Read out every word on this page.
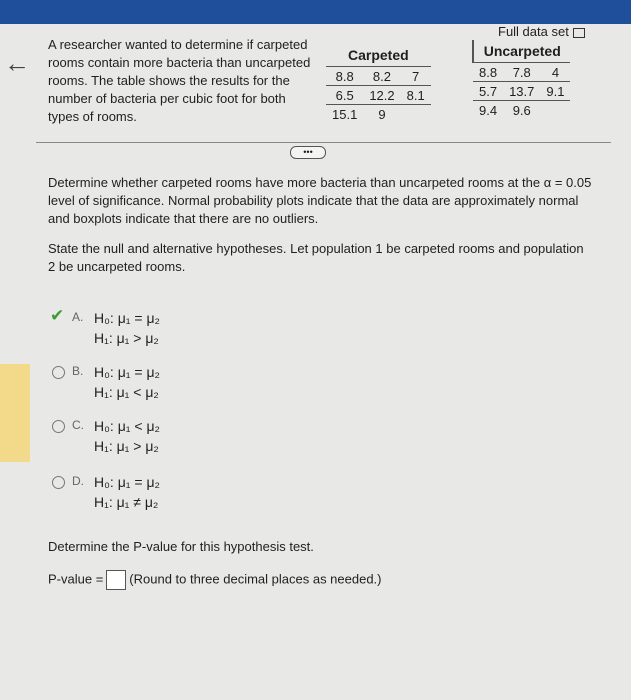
←
A researcher wanted to determine if carpeted rooms contain more bacteria than uncarpeted rooms. The table shows the results for the number of bacteria per cubic foot for both types of rooms.
Full data set
Carpeted		
8.8	8.2	7
6.5	12.2	8.1
15.1	9	
Uncarpeted		
8.8	7.8	4
5.7	13.7	9.1
9.4	9.6	
•••
Determine whether carpeted rooms have more bacteria than uncarpeted rooms at the α = 0.05 level of significance. Normal probability plots indicate that the data are approximately normal and boxplots indicate that there are no outliers.
State the null and alternative hypotheses. Let population 1 be carpeted rooms and population 2 be uncarpeted rooms.
✔ A. H₀: μ₁ = μ₂
H₁: μ₁ > μ₂
B. H₀: μ₁ = μ₂
H₁: μ₁ < μ₂
C. H₀: μ₁ < μ₂
H₁: μ₁ > μ₂
D. H₀: μ₁ = μ₂
H₁: μ₁ ≠ μ₂
Determine the P-value for this hypothesis test.
P-value = (Round to three decimal places as needed.)
